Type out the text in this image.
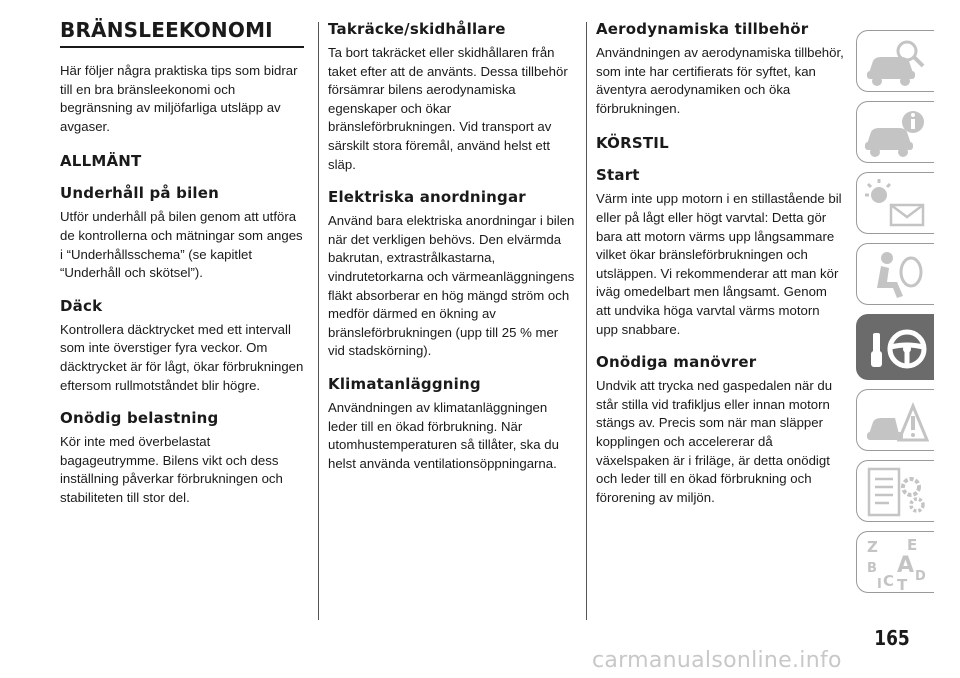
BRÄNSLEEKONOMI

Här följer några praktiska tips som bidrar till en bra bränsleekonomi och begränsning av miljöfarliga utsläpp av avgaser.

ALLMÄNT
Underhåll på bilen

Utför underhåll på bilen genom att utföra de kontrollerna och mätningar som anges i “Underhållsschema” (se kapitlet “Underhåll och skötsel”).

Däck

Kontrollera däcktrycket med ett intervall som inte överstiger fyra veckor. Om däcktrycket är för lågt, ökar förbrukningen eftersom rullmotståndet blir högre.

Onödig belastning

Kör inte med överbelastat bagageutrymme. Bilens vikt och dess inställning påverkar förbrukningen och stabiliteten till stor del.

Takräcke/skidhållare

Ta bort takräcket eller skidhållaren från taket efter att de använts. Dessa tillbehör försämrar bilens aerodynamiska egenskaper och ökar bränsleförbrukningen. Vid transport av särskilt stora föremål, använd helst ett släp.

Elektriska anordningar

Använd bara elektriska anordningar i bilen när det verkligen behövs. Den elvärmda bakrutan, extrastrålkastarna, vindrutetorkarna och värmeanläggningens fläkt absorberar en hög mängd ström och medför därmed en ökning av bränsleförbrukningen (upp till 25 % mer vid stadskörning).

Klimatanläggning

Användningen av klimatanläggningen leder till en ökad förbrukning. När utomhustemperaturen så tillåter, ska du helst använda ventilationsöppningarna.

Aerodynamiska tillbehör

Användningen av aerodynamiska tillbehör, som inte har certifierats för syftet, kan äventyra aerodynamiken och öka förbrukningen.

KÖRSTIL
Start

Värm inte upp motorn i en stillastående bil eller på lågt eller högt varvtal: Detta gör bara att motorn värms upp långsammare vilket ökar bränsleförbrukningen och utsläppen. Vi rekommenderar att man kör iväg omedelbart men långsamt. Genom att undvika höga varvtal värms motorn upp snabbare.

Onödiga manövrer

Undvik att trycka ned gaspedalen när du står stilla vid trafikljus eller innan motorn stängs av. Precis som när man släpper kopplingen och accelererar då växelspaken är i friläge, är detta onödigt och leder till en ökad förbrukning och förorening av miljön.

Z E
B A
I C T D
165
carmanualsonline.info
